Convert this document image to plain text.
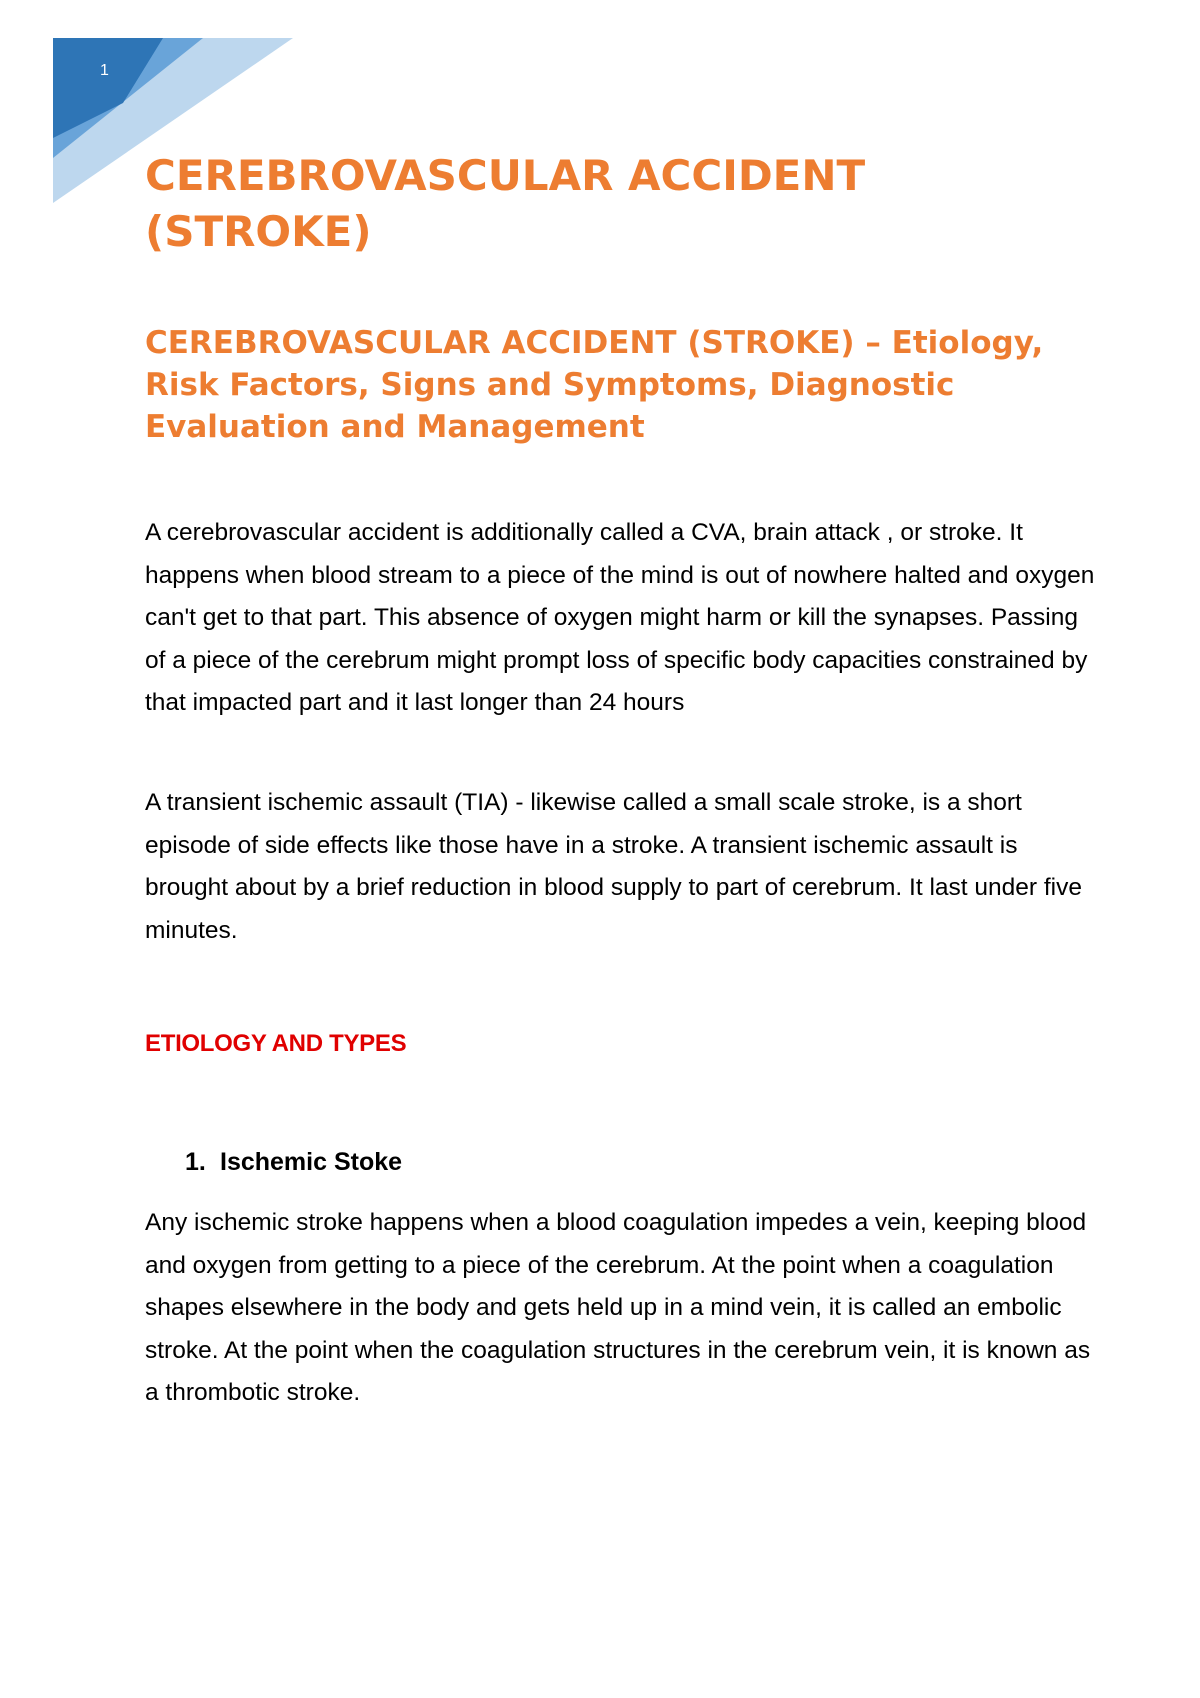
1
CEREBROVASCULAR ACCIDENT (STROKE)
CEREBROVASCULAR ACCIDENT (STROKE) – Etiology, Risk Factors, Signs and Symptoms, Diagnostic Evaluation and Management

A cerebrovascular accident is additionally called a CVA, brain attack , or stroke. It happens when blood stream to a piece of the mind is out of nowhere halted and oxygen can't get to that part. This absence of oxygen might harm or kill the synapses. Passing of a piece of the cerebrum might prompt loss of specific body capacities constrained by that impacted part and it last longer than 24 hours

A transient ischemic assault (TIA) - likewise called a small scale stroke, is a short episode of side effects like those have in a stroke. A transient ischemic assault is brought about by a brief reduction in blood supply to part of cerebrum. It last under five minutes.

ETIOLOGY AND TYPES
1. Ischemic Stoke

Any ischemic stroke happens when a blood coagulation impedes a vein, keeping blood and oxygen from getting to a piece of the cerebrum. At the point when a coagulation shapes elsewhere in the body and gets held up in a mind vein, it is called an embolic stroke. At the point when the coagulation structures in the cerebrum vein, it is known as a thrombotic stroke.
